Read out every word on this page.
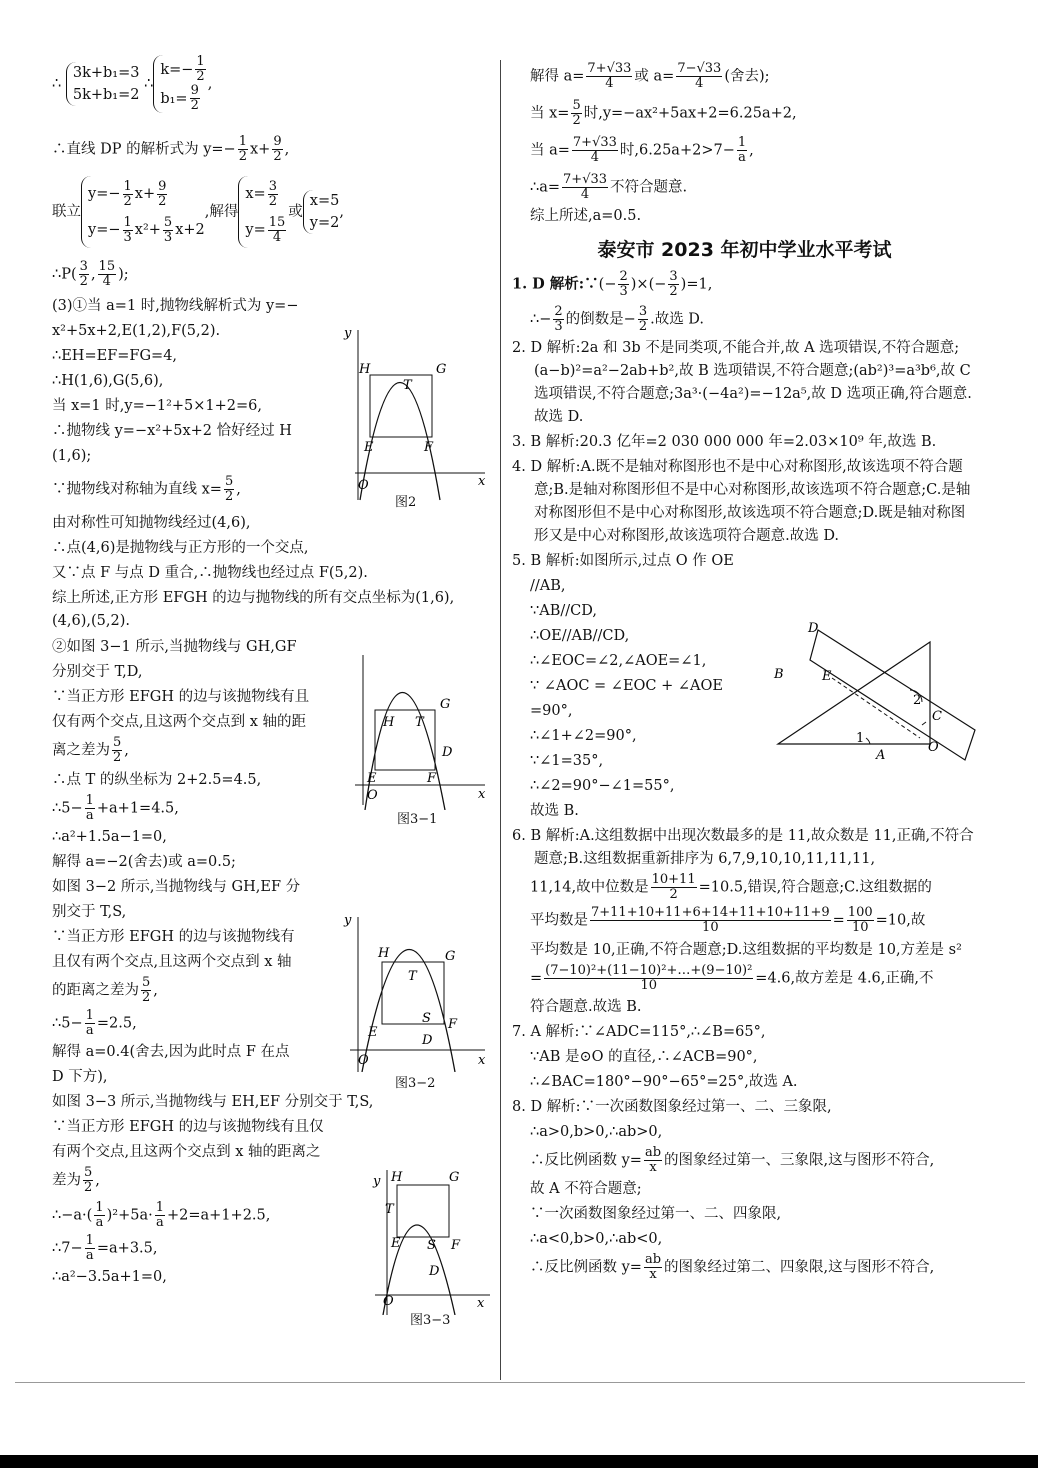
∴ 3k+b₁=3
5k+b₁=2 ∴k=− $\frac{1}{2}$

$b_1= \frac{9}{2}$ ,
∴直线 DP 的解析式为 $y=- \frac{1}{2} x+ \frac{9}{2}$ ,
联立$y=- \frac{1}{2} x+ \frac{9}{2}$

$y=- \frac{1}{3} x^2+ \frac{5}{3} x+2$,解得$x= \frac{3}{2}$

$y= \frac{15}{4}$
或x=5
y=2,
∴P( $\frac{3}{2}$ , $\frac{15}{4}$ );
(3)①当 a=1 时,抛物线解析式为 y=−
x²+5x+2,E(1,2),F(5,2).
∴EH=EF=FG=4,
∴H(1,6),G(5,6),
当 x=1 时,y=−1²+5×1+2=6,
∴抛物线 y=−x²+5x+2 恰好经过 H
(1,6);
∵抛物线对称轴为直线 $x= \frac{5}{2}$ ,
由对称性可知抛物线经过(4,6),
∴点(4,6)是抛物线与正方形的一个交点,
又∵点 F 与点 D 重合,∴抛物线也经过点 F(5,2).
综上所述,正方形 EFGH 的边与抛物线的所有交点坐标为(1,6),(4,6),(5,2).
②如图 3−1 所示,当抛物线与 GH,GF
分别交于 T,D,
∵当正方形 EFGH 的边与该抛物线有且
仅有两个交点,且这两个交点到 x 轴的距
离之差为 $\frac{5}{2}$ ,
∴点 T 的纵坐标为 2+2.5=4.5,
∴5− $\frac{1}{a} +a+1=4.5$,
∴a²+1.5a−1=0,
解得 a=−2(舍去)或 a=0.5;
如图 3−2 所示,当抛物线与 GH,EF 分
别交于 T,S,
∵当正方形 EFGH 的边与该抛物线有
且仅有两个交点,且这两个交点到 x 轴
的距离之差为 $\frac{5}{2}$ ,
∴5− $\frac{1}{a} =2.5$,
解得 a=0.4(舍去,因为此时点 F 在点
D 下方),
如图 3−3 所示,当抛物线与 EH,EF 分别交于 T,S,
∵当正方形 EFGH 的边与该抛物线有且仅
有两个交点,且这两个交点到 x 轴的距离之
差为 $\frac{5}{2}$ ,
∴−a·( $\frac{1}{a} )^2+5a\cdot \frac{1}{a} +2=a+1+2.5$,
∴7− $\frac{1}{a} =a+3.5$,
∴a²−3.5a+1=0,
H	G
T
E	F
O	x
y
图2
G
H T
D
E	F
O	x
图3−1
H	G
T
S F
E
D
O	x
y
图3−2
H	G
y
T
E S F
D
O	x
图3−3
解得 $a= \frac{7+√33}{4}$ 或 $a= \frac{7-√33}{4}$ (舍去);
当 $x= \frac{5}{2}$ 时,y=−ax²+5ax+2=6.25a+2,
当 $a= \frac{7+√33}{4}$ 时$,6.25a+2>7- \frac{1}{a}$ ,
∴a= $\frac{7+√33}{4}$ 不符合题意.
综上所述,a=0.5.
泰安市 2023 年初中学业水平考试
1. D 解析:∵(− $\frac{2}{3}$ )×(− $\frac{3}{2} )=1$,
∴− $\frac{2}{3}$ 的倒数是− $\frac{3}{2}$ .故选 D.
2. D 解析:2a 和 3b 不是同类项,不能合并,故 A 选项错误,不符合题意;(a−b)²=a²−2ab+b²,故 B 选项错误,不符合题意;(ab²)³=a³b⁶,故 C 选项错误,不符合题意;3a³·(−4a²)=−12a⁵,故 D 选项正确,符合题意.故选 D.
3. B 解析:20.3 亿年=2 030 000 000 年=2.03×10⁹ 年,故选 B.
4. D 解析:A.既不是轴对称图形也不是中心对称图形,故该选项不符合题意;B.是轴对称图形但不是中心对称图形,故该选项不符合题意;C.是轴对称图形但不是中心对称图形,故该选项不符合题意;D.既是轴对称图形又是中心对称图形,故该选项符合题意.故选 D.
5. B 解析:如图所示,过点 O 作 OE
//AB,
∵AB//CD,
∴OE//AB//CD,
∴∠EOC=∠2,∠AOE=∠1,
∵ ∠AOC = ∠EOC + ∠AOE
=90°,
∴∠1+∠2=90°,
∵∠1=35°,
∴∠2=90°−∠1=55°,
故选 B.
6. B 解析:A.这组数据中出现次数最多的是 11,故众数是 11,正确,不符合题意;B.这组数据重新排序为 6,7,9,10,10,11,11,11,
11,14,故中位数是 $\frac{10+11}{2} =10.5$,错误,符合题意;C.这组数据的
平均数是 $\frac{7+11+10+11+6+14+11+10+11+9}{10} = \frac{100}{10} =10$,故
平均数是 10,正确,不符合题意;D.这组数据的平均数是 10,方差是 s²
= $\frac{\text{(7−10)²+(11−10)²+…+(9−10)²}}{10} =4.6$,故方差是 4.6,正确,不
符合题意.故选 B.
7. A 解析:∵∠ADC=115°,∴∠B=65°,
∵AB 是⊙O 的直径,∴∠ACB=90°,
∴∠BAC=180°−90°−65°=25°,故选 A.
8. D 解析:∵一次函数图象经过第一、二、三象限,
∴a>0,b>0,∴ab>0,
∴反比例函数 $y= \frac{ab}{x}$ 的图象经过第一、三象限,这与图形不符合,
故 A 不符合题意;
∵一次函数图象经过第一、二、四象限,
∴a<0,b>0,∴ab<0,
∴反比例函数 $y= \frac{ab}{x}$ 的图象经过第二、四象限,这与图形不符合,
D
B	E
2
C
1
A
O
